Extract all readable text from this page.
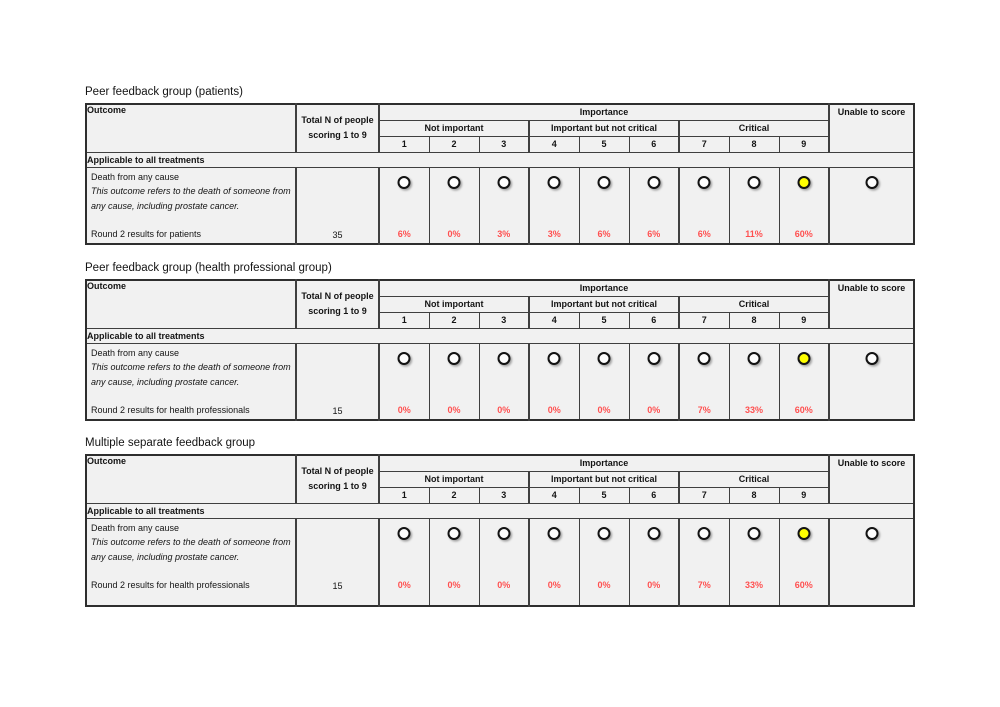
Peer feedback group (patients)
Outcome	Total N of people scoring 1 to 9	Importance									Unable to score
		Not important			Important but not critical			Critical			
		1	2	3	4	5	6	7	8	9	
Applicable to all treatments											

Death from any cause

This outcome refers to the death of someone from any cause, including prostate cancer.

Round 2 results for patients	35	6%	0%	3%	3%	6%	6%	6%	11%	60%	

Peer feedback group (health professional group)
Outcome	Total N of people scoring 1 to 9	Importance									Unable to score
		Not important			Important but not critical			Critical			
		1	2	3	4	5	6	7	8	9	
Applicable to all treatments											

Death from any cause

This outcome refers to the death of someone from any cause, including prostate cancer.

Round 2 results for health professionals	15	0%	0%	0%	0%	0%	0%	7%	33%	60%	

Multiple separate feedback group
Outcome	Total N of people scoring 1 to 9	Importance									Unable to score
		Not important			Important but not critical			Critical			
		1	2	3	4	5	6	7	8	9	
Applicable to all treatments											

Death from any cause

This outcome refers to the death of someone from any cause, including prostate cancer.

Round 2 results for health professionals	15	0%	0%	0%	0%	0%	0%	7%	33%	60%	
